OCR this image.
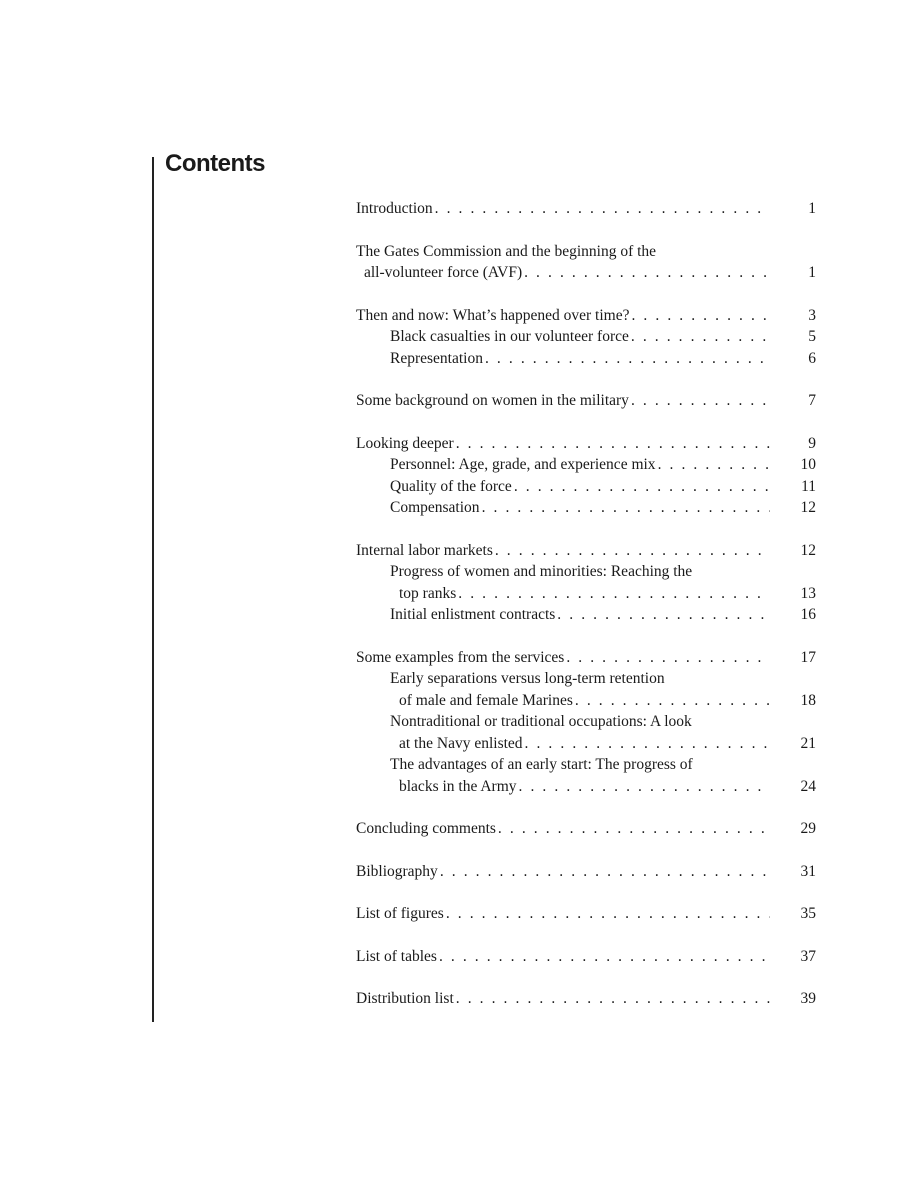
Contents
Introduction . . .	1
The Gates Commission and the beginning of the
all-volunteer force (AVF) . . .	1
Then and now: What’s happened over time? . . .	3
Black casualties in our volunteer force . . .	5
Representation . . .	6
Some background on women in the military . . .	7
Looking deeper . . .	9
Personnel: Age, grade, and experience mix . . .	10
Quality of the force . . .	11
Compensation . . .	12
Internal labor markets . . .	12
Progress of women and minorities: Reaching the
top ranks . . .	13
Initial enlistment contracts . . .	16
Some examples from the services . . .	17
Early separations versus long-term retention
of male and female Marines . . .	18
Nontraditional or traditional occupations: A look
at the Navy enlisted . . .	21
The advantages of an early start: The progress of
blacks in the Army . . .	24
Concluding comments . . .	29
Bibliography . . .	31
List of figures . . .	35
List of tables . . .	37
Distribution list . . .	39
